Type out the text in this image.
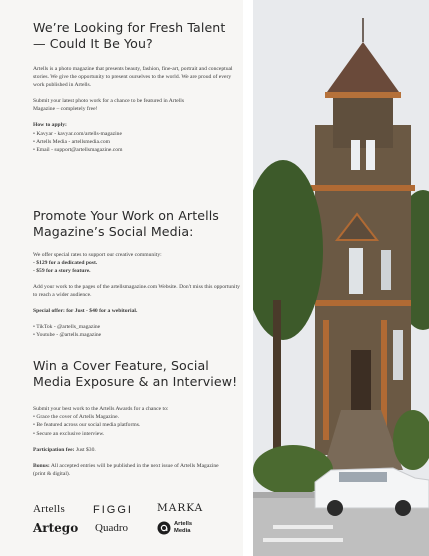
We’re Looking for Fresh Talent — Could It Be You?

Artells is a photo magazine that presents beauty, fashion, fine-art, portrait and conceptual stories. We give the opportunity to present ourselves to the world. We are proud of every work published in Artells.

Submit your latest photo work for a chance to be featured in Artells Magazine – completely free!

How to apply:

• Kavyar - kavyar.com/artells-magazine
• Artells Media - artellsmedia.com
• Email - support@artellsmagazine.com
Promote Your Work on Artells Magazine’s Social Media:

We offer special rates to support our creative community:

- $129 for a dedicated post.

- $59 for a story feature.

Add your work to the pages of the artellsmagazine.com Website. Don't miss this opportunity to reach a wider audience.

Special offer: for Just - $40 for a webitorial.

• TikTok - @artells_magazine
• Youtube - @artells.magazine
Win a Cover Feature, Social Media Exposure & an Interview!

Submit your best work to the Artells Awards for a chance to:

• Grace the cover of Artells Magazine.
• Be featured across our social media platforms.
• Secure an exclusive interview.

Participation fee: Just $30.

Bonus: All accepted entries will be published in the next issue of Artells Magazine (print & digital).

Artells	FIGGI MARKA
Artego Quadro	Artells
Media
